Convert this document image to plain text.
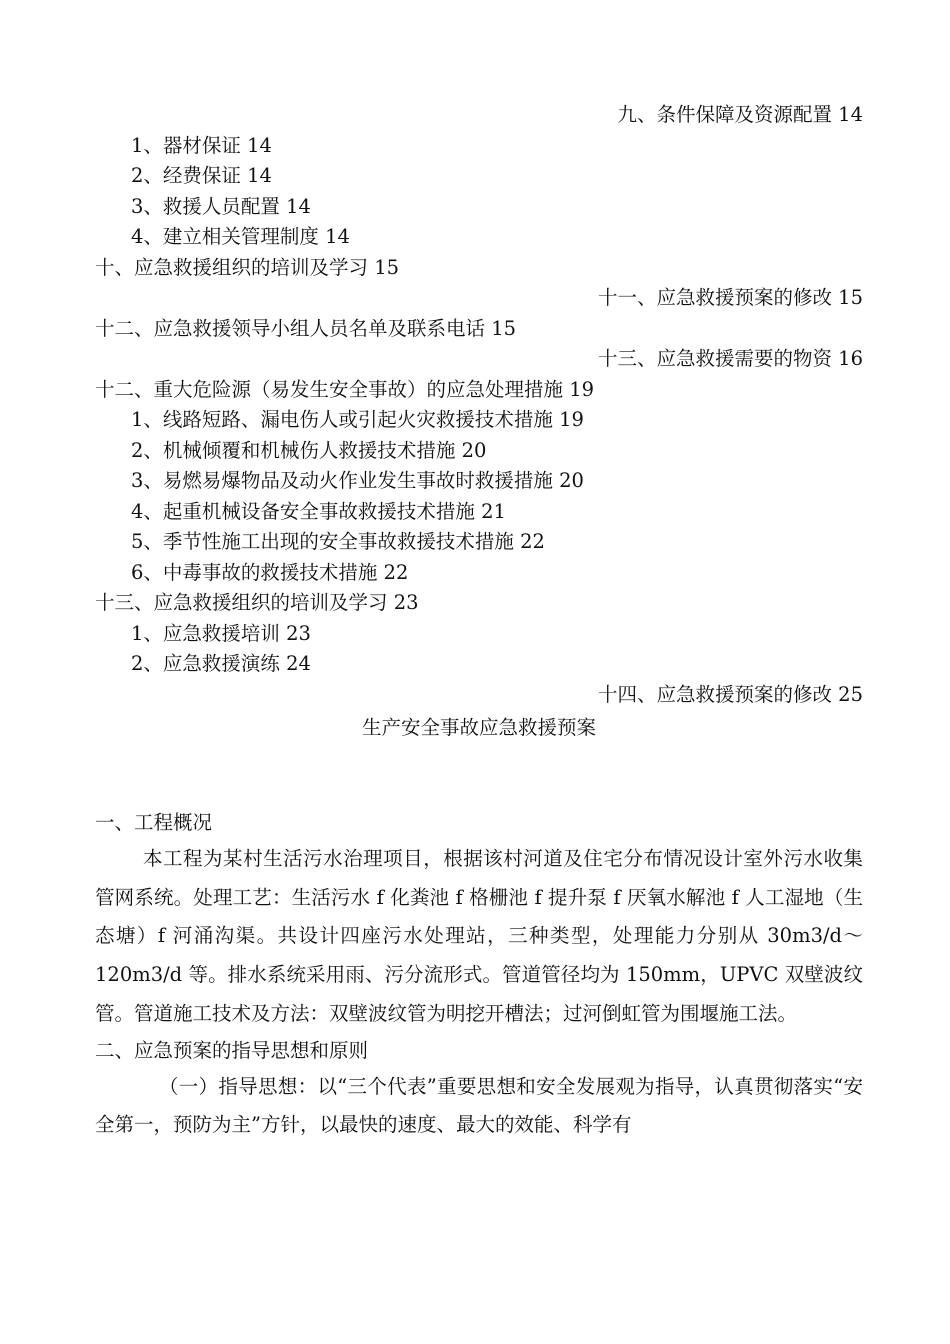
九、条件保障及资源配置 14
1、器材保证 14
2、经费保证 14
3、救援人员配置 14
4、建立相关管理制度 14
十、应急救援组织的培训及学习 15
十一、应急救援预案的修改 15
十二、应急救援领导小组人员名单及联系电话 15
十三、应急救援需要的物资 16
十二、重大危险源（易发生安全事故）的应急处理措施 19
1、线路短路、漏电伤人或引起火灾救援技术措施 19
2、机械倾覆和机械伤人救援技术措施 20
3、易燃易爆物品及动火作业发生事故时救援措施 20
4、起重机械设备安全事故救援技术措施 21
5、季节性施工出现的安全事故救援技术措施 22
6、中毒事故的救援技术措施 22
十三、应急救援组织的培训及学习 23
1、应急救援培训 23
2、应急救援演练 24
十四、应急救援预案的修改 25
生产安全事故应急救援预案
一、工程概况

本工程为某村生活污水治理项目，根据该村河道及住宅分布情况设计室外污水收集管网系统。处理工艺：生活污水 f 化粪池 f 格栅池 f 提升泵 f 厌氧水解池 f 人工湿地（生态塘）f 河涌沟渠。共设计四座污水处理站，三种类型，处理能力分别从 30m3/d〜120m3/d 等。排水系统采用雨、污分流形式。管道管径均为 150mm，UPVC 双壁波纹管。管道施工技术及方法：双壁波纹管为明挖开槽法；过河倒虹管为围堰施工法。

二、应急预案的指导思想和原则

（一）指导思想：以“三个代表”重要思想和安全发展观为指导，认真贯彻落实“安全第一，预防为主”方针，以最快的速度、最大的效能、科学有
